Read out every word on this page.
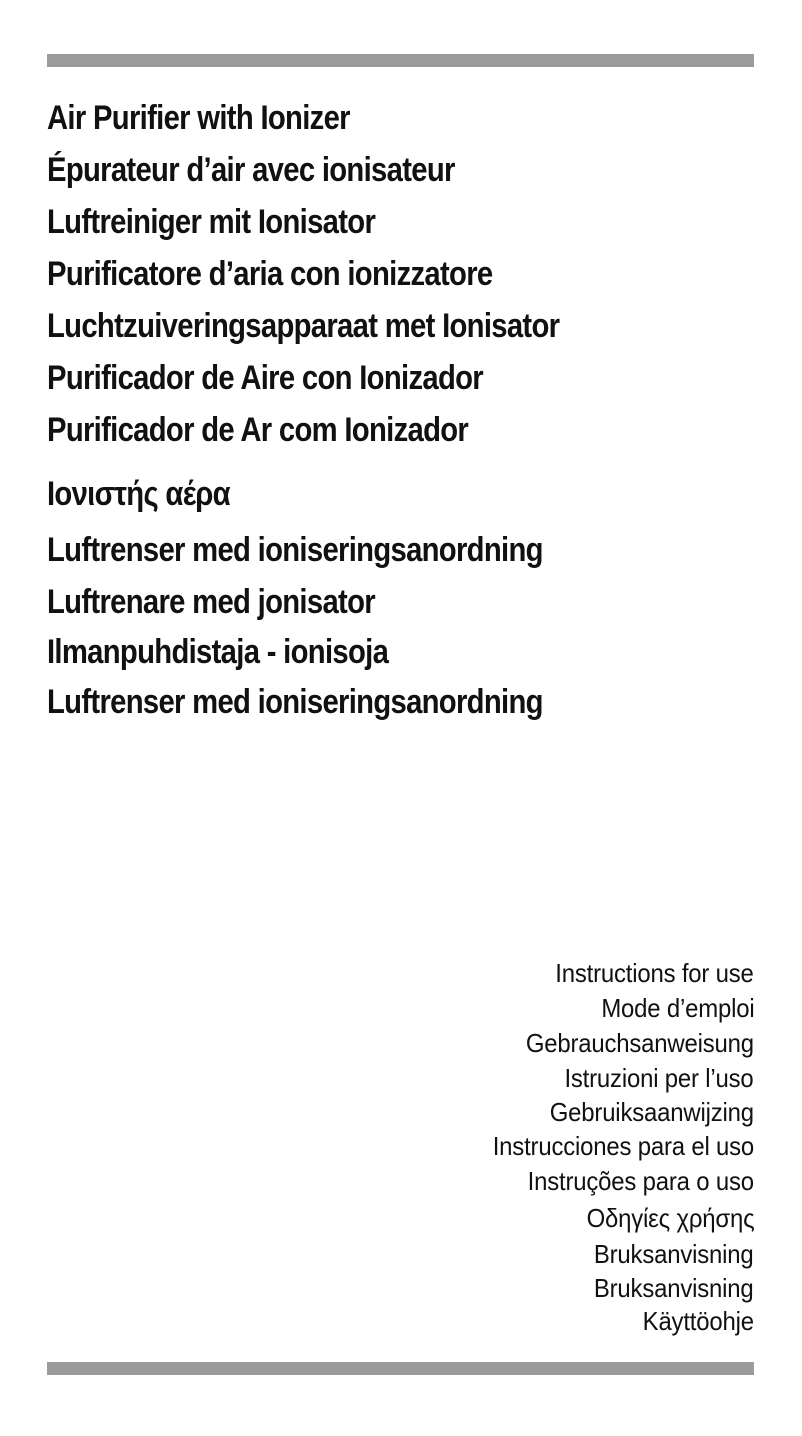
Air Purifier with Ionizer
Épurateur d’air avec ionisateur
Luftreiniger mit Ionisator
Purificatore d’aria con ionizzatore
Luchtzuiveringsapparaat met Ionisator
Purificador de Aire con Ionizador
Purificador de Ar com Ionizador
Ιονιστής αέρα
Luftrenser med ioniseringsanordning
Luftrenare med jonisator
Ilmanpuhdistaja - ionisoja
Luftrenser med ioniseringsanordning
Instructions for use
Mode d’emploi
Gebrauchsanweisung
Istruzioni per l’uso
Gebruiksaanwijzing
Instrucciones para el uso
Instruções para o uso
Οδηγίες χρήσης
Bruksanvisning
Bruksanvisning
Käyttöohje
